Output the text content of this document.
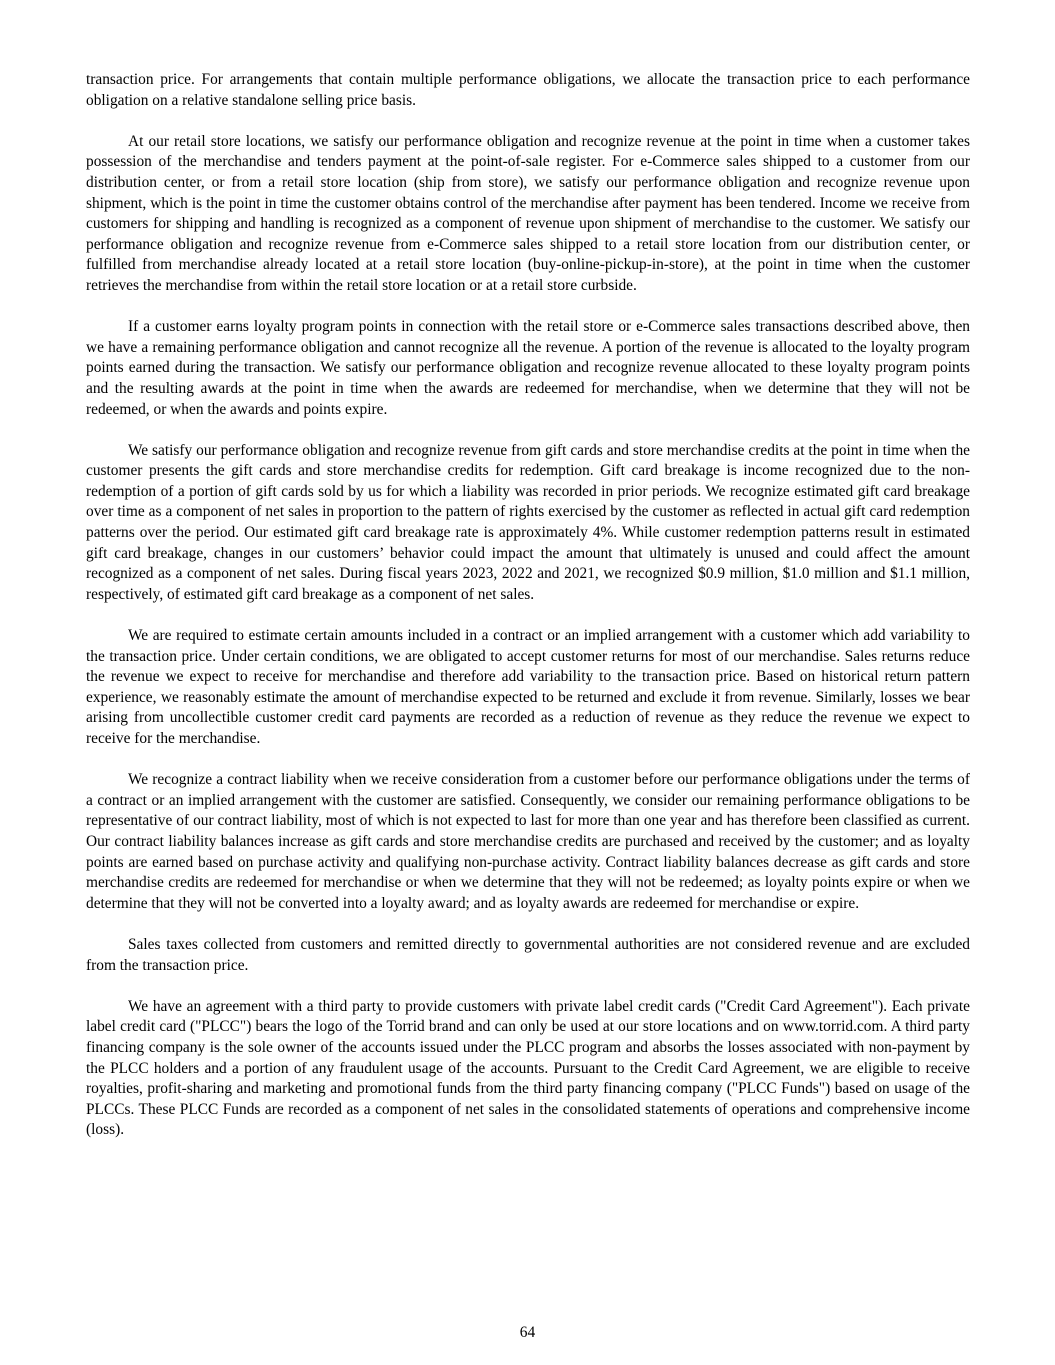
transaction price. For arrangements that contain multiple performance obligations, we allocate the transaction price to each performance obligation on a relative standalone selling price basis.

At our retail store locations, we satisfy our performance obligation and recognize revenue at the point in time when a customer takes possession of the merchandise and tenders payment at the point-of-sale register. For e-Commerce sales shipped to a customer from our distribution center, or from a retail store location (ship from store), we satisfy our performance obligation and recognize revenue upon shipment, which is the point in time the customer obtains control of the merchandise after payment has been tendered. Income we receive from customers for shipping and handling is recognized as a component of revenue upon shipment of merchandise to the customer. We satisfy our performance obligation and recognize revenue from e-Commerce sales shipped to a retail store location from our distribution center, or fulfilled from merchandise already located at a retail store location (buy-online-pickup-in-store), at the point in time when the customer retrieves the merchandise from within the retail store location or at a retail store curbside.

If a customer earns loyalty program points in connection with the retail store or e-Commerce sales transactions described above, then we have a remaining performance obligation and cannot recognize all the revenue. A portion of the revenue is allocated to the loyalty program points earned during the transaction. We satisfy our performance obligation and recognize revenue allocated to these loyalty program points and the resulting awards at the point in time when the awards are redeemed for merchandise, when we determine that they will not be redeemed, or when the awards and points expire.

We satisfy our performance obligation and recognize revenue from gift cards and store merchandise credits at the point in time when the customer presents the gift cards and store merchandise credits for redemption. Gift card breakage is income recognized due to the non-redemption of a portion of gift cards sold by us for which a liability was recorded in prior periods. We recognize estimated gift card breakage over time as a component of net sales in proportion to the pattern of rights exercised by the customer as reflected in actual gift card redemption patterns over the period. Our estimated gift card breakage rate is approximately 4%. While customer redemption patterns result in estimated gift card breakage, changes in our customers’ behavior could impact the amount that ultimately is unused and could affect the amount recognized as a component of net sales. During fiscal years 2023, 2022 and 2021, we recognized $0.9 million, $1.0 million and $1.1 million, respectively, of estimated gift card breakage as a component of net sales.

We are required to estimate certain amounts included in a contract or an implied arrangement with a customer which add variability to the transaction price. Under certain conditions, we are obligated to accept customer returns for most of our merchandise. Sales returns reduce the revenue we expect to receive for merchandise and therefore add variability to the transaction price. Based on historical return pattern experience, we reasonably estimate the amount of merchandise expected to be returned and exclude it from revenue. Similarly, losses we bear arising from uncollectible customer credit card payments are recorded as a reduction of revenue as they reduce the revenue we expect to receive for the merchandise.

We recognize a contract liability when we receive consideration from a customer before our performance obligations under the terms of a contract or an implied arrangement with the customer are satisfied. Consequently, we consider our remaining performance obligations to be representative of our contract liability, most of which is not expected to last for more than one year and has therefore been classified as current. Our contract liability balances increase as gift cards and store merchandise credits are purchased and received by the customer; and as loyalty points are earned based on purchase activity and qualifying non-purchase activity. Contract liability balances decrease as gift cards and store merchandise credits are redeemed for merchandise or when we determine that they will not be redeemed; as loyalty points expire or when we determine that they will not be converted into a loyalty award; and as loyalty awards are redeemed for merchandise or expire.

Sales taxes collected from customers and remitted directly to governmental authorities are not considered revenue and are excluded from the transaction price.

We have an agreement with a third party to provide customers with private label credit cards ("Credit Card Agreement"). Each private label credit card ("PLCC") bears the logo of the Torrid brand and can only be used at our store locations and on www.torrid.com. A third party financing company is the sole owner of the accounts issued under the PLCC program and absorbs the losses associated with non-payment by the PLCC holders and a portion of any fraudulent usage of the accounts. Pursuant to the Credit Card Agreement, we are eligible to receive royalties, profit-sharing and marketing and promotional funds from the third party financing company ("PLCC Funds") based on usage of the PLCCs. These PLCC Funds are recorded as a component of net sales in the consolidated statements of operations and comprehensive income (loss).

64
